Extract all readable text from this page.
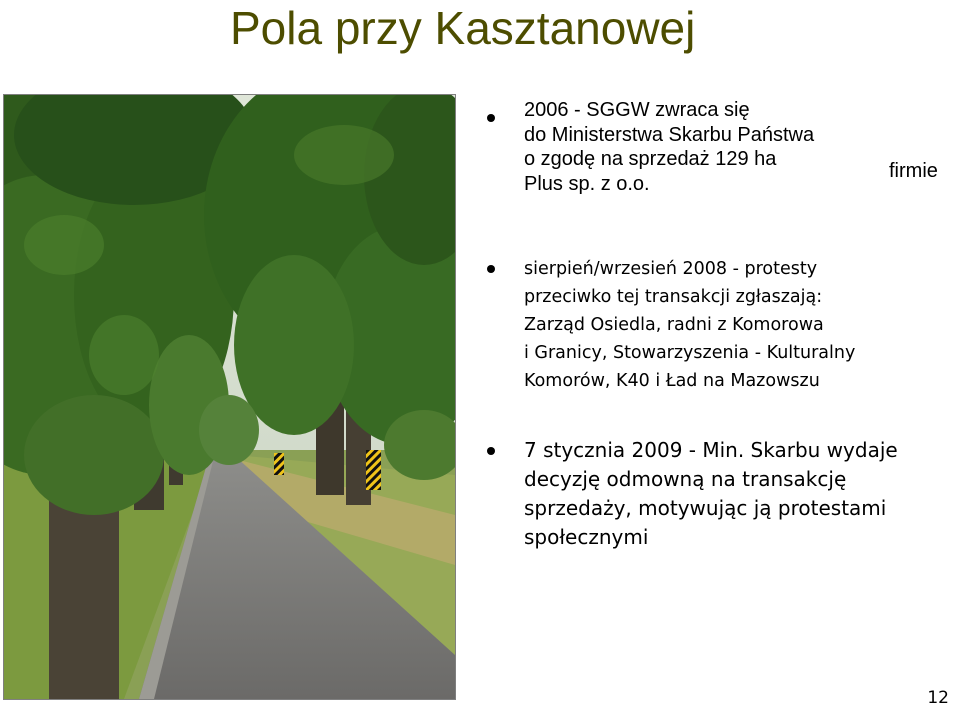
Pola przy Kasztanowej
2006 - SGGW zwraca się
do Ministerstwa Skarbu Państwa
o zgodę na sprzedaż 129 ha
Plus sp. z o.o.
firmie
sierpień/wrzesień 2008 - protesty
przeciwko tej transakcji zgłaszają:
Zarząd Osiedla, radni z Komorowa
i Granicy, Stowarzyszenia - Kulturalny
Komorów, K40 i Ład na Mazowszu
7 stycznia 2009 - Min. Skarbu wydaje
decyzję odmowną na transakcję
sprzedaży, motywując ją protestami
społecznymi
12
